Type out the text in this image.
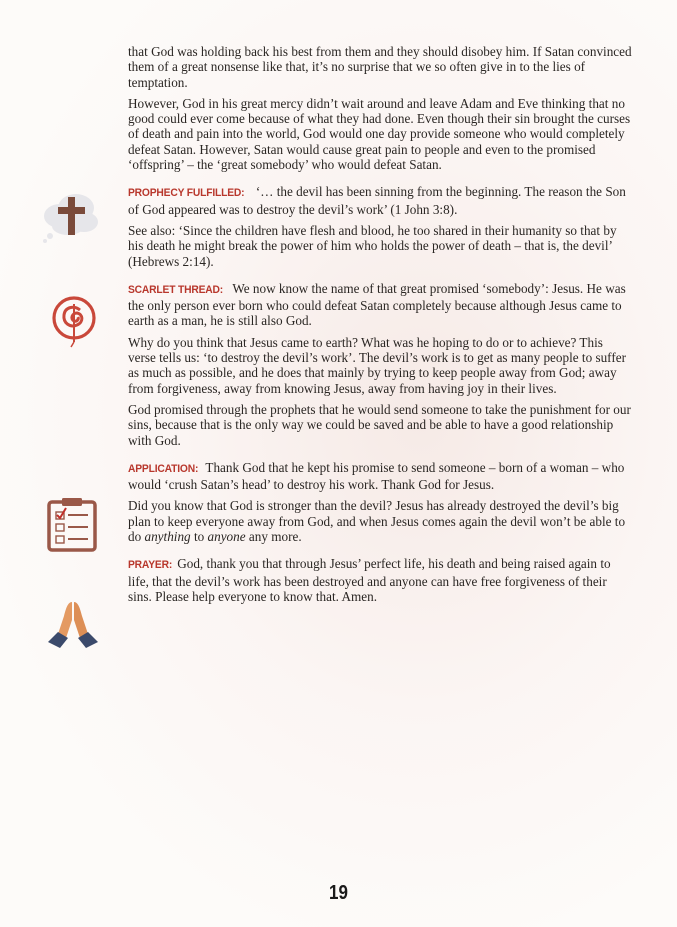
that God was holding back his best from them and they should disobey him. If Satan convinced them of a great nonsense like that, it’s no surprise that we so often give in to the lies of temptation.

However, God in his great mercy didn’t wait around and leave Adam and Eve thinking that no good could ever come because of what they had done. Even though their sin brought the curses of death and pain into the world, God would one day provide someone who would completely defeat Satan. However, Satan would cause great pain to people and even to the promised ‘offspring’ – the ‘great somebody’ who would defeat Satan.

PROPHECY FULFILLED: ‘… the devil has been sinning from the beginning. The reason the Son of God appeared was to destroy the devil’s work’ (1 John 3:8).

See also: ‘Since the children have flesh and blood, he too shared in their humanity so that by his death he might break the power of him who holds the power of death – that is, the devil’ (Hebrews 2:14).

SCARLET THREAD: We now know the name of that great promised ‘somebody’: Jesus. He was the only person ever born who could defeat Satan completely because although Jesus came to earth as a man, he is still also God.

Why do you think that Jesus came to earth? What was he hoping to do or to achieve? This verse tells us: ‘to destroy the devil’s work’. The devil’s work is to get as many people to suffer as much as possible, and he does that mainly by trying to keep people away from God; away from forgiveness, away from knowing Jesus, away from having joy in their lives.

God promised through the prophets that he would send someone to take the punishment for our sins, because that is the only way we could be saved and be able to have a good relationship with God.

APPLICATION: Thank God that he kept his promise to send someone – born of a woman – who would ‘crush Satan’s head’ to destroy his work. Thank God for Jesus.

Did you know that God is stronger than the devil? Jesus has already destroyed the devil’s big plan to keep everyone away from God, and when Jesus comes again the devil won’t be able to do anything to anyone any more.

PRAYER: God, thank you that through Jesus’ perfect life, his death and being raised again to life, that the devil’s work has been destroyed and anyone can have free forgiveness of their sins. Please help everyone to know that. Amen.

19
